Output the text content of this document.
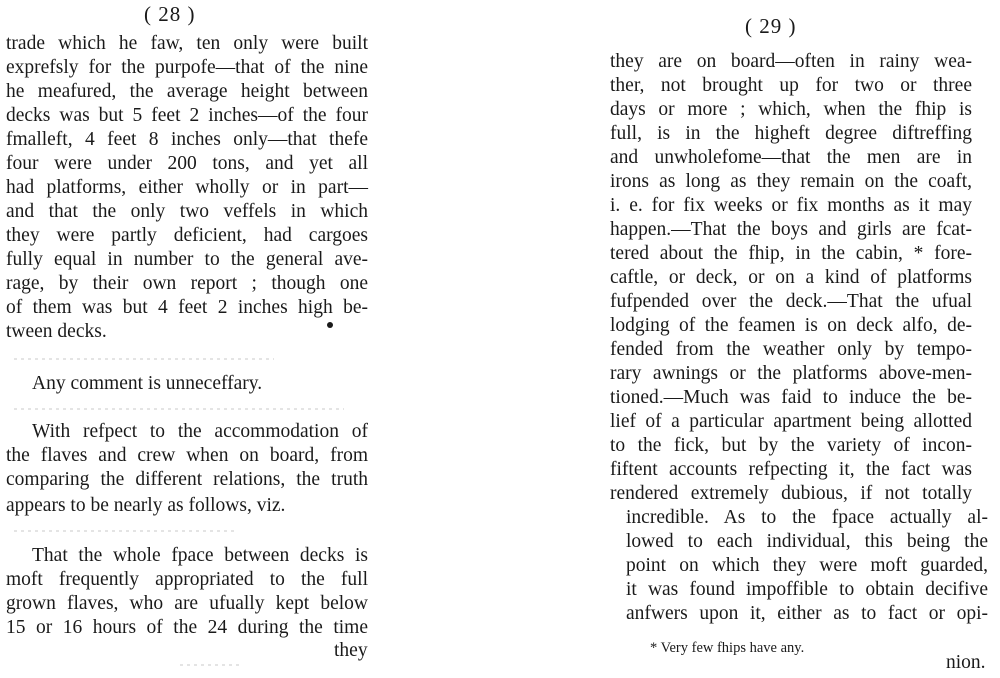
( 28 )
trade which he faw, ten only were built
exprefsly for the purpofe—that of the nine
he meafured, the average height between
decks was but 5 feet 2 inches—of the four
fmalleft, 4 feet 8 inches only—that thefe
four were under 200 tons, and yet all
had platforms, either wholly or in part—
and that the only two veffels in which
they were partly deficient, had cargoes
fully equal in number to the general ave-
rage, by their own report ; though one
of them was but 4 feet 2 inches high be-
tween decks.
Any comment is unneceffary.
With refpect to the accommodation of
the flaves and crew when on board, from
comparing the different relations, the truth
appears to be nearly as follows, viz.
That the whole fpace between decks is
moft frequently appropriated to the full
grown flaves, who are ufually kept below
15 or 16 hours of the 24 during the time
they
( 29 )
they are on board—often in rainy wea-
ther, not brought up for two or three
days or more ; which, when the fhip is
full, is in the higheft degree diftreffing
and unwholefome—that the men are in
irons as long as they remain on the coaft,
i. e. for fix weeks or fix months as it may
happen.—That the boys and girls are fcat-
tered about the fhip, in the cabin, * fore-
caftle, or deck, or on a kind of platforms
fufpended over the deck.—That the ufual
lodging of the feamen is on deck alfo, de-
fended from the weather only by tempo-
rary awnings or the platforms above-men-
tioned.—Much was faid to induce the be-
lief of a particular apartment being allotted
to the fick, but by the variety of incon-
fiftent accounts refpecting it, the fact was
rendered extremely dubious, if not totally
incredible. As to the fpace actually al-
lowed to each individual, this being the
point on which they were moft guarded,
it was found impoffible to obtain decifive
anfwers upon it, either as to fact or opi-
* Very few fhips have any.
nion.
